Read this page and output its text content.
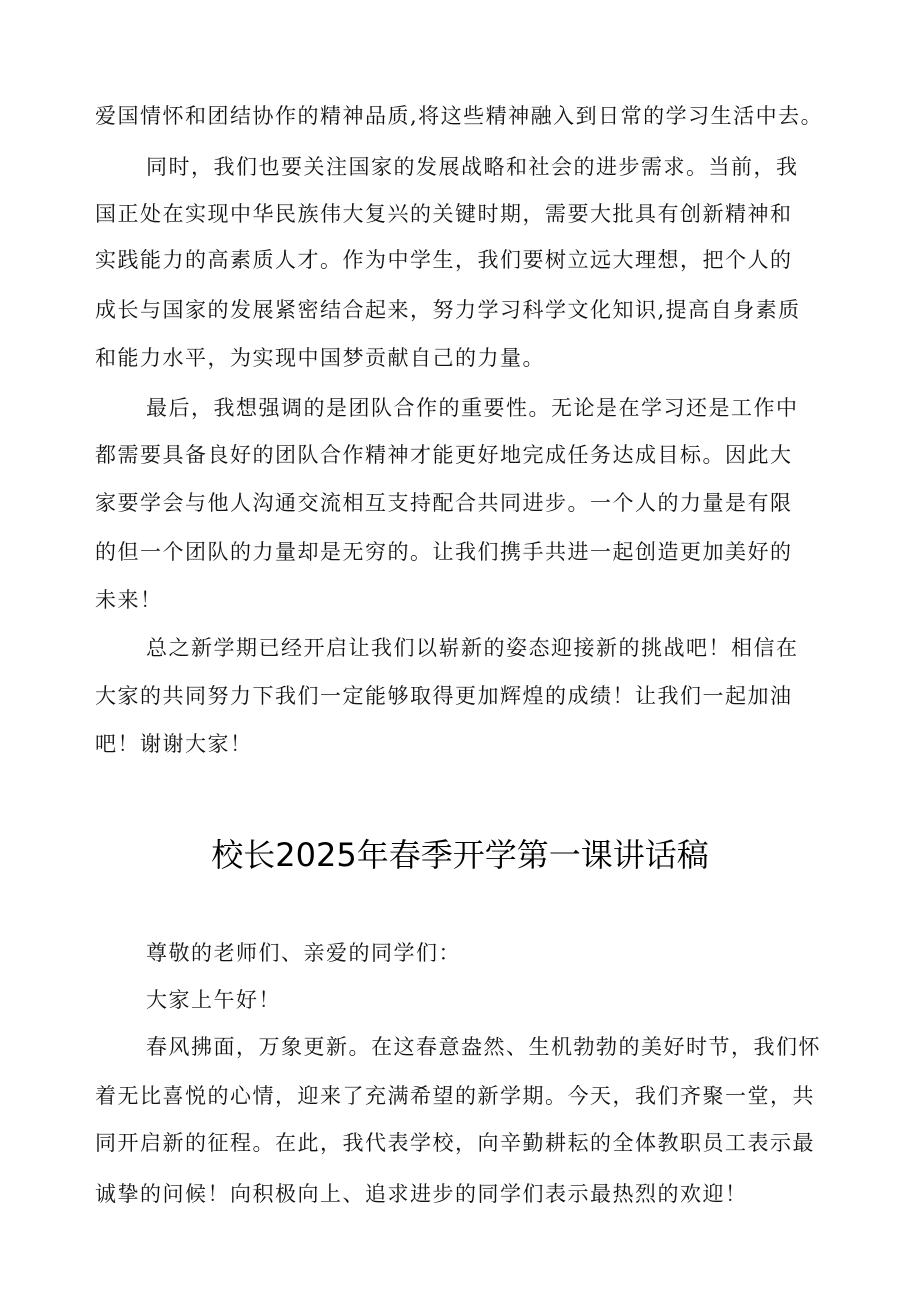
爱国情怀和团结协作的精神品质,将这些精神融入到日常的学习生活中去。
同时，我们也要关注国家的发展战略和社会的进步需求。当前，我
国正处在实现中华民族伟大复兴的关键时期，需要大批具有创新精神和
实践能力的高素质人才。作为中学生，我们要树立远大理想，把个人的
成长与国家的发展紧密结合起来，努力学习科学文化知识,提高自身素质
和能力水平，为实现中国梦贡献自己的力量。
最后，我想强调的是团队合作的重要性。无论是在学习还是工作中
都需要具备良好的团队合作精神才能更好地完成任务达成目标。因此大
家要学会与他人沟通交流相互支持配合共同进步。一个人的力量是有限
的但一个团队的力量却是无穷的。让我们携手共进一起创造更加美好的
未来！
总之新学期已经开启让我们以崭新的姿态迎接新的挑战吧！相信在
大家的共同努力下我们一定能够取得更加辉煌的成绩！让我们一起加油
吧！谢谢大家！
校长2025年春季开学第一课讲话稿
尊敬的老师们、亲爱的同学们：
大家上午好！
春风拂面，万象更新。在这春意盎然、生机勃勃的美好时节，我们怀
着无比喜悦的心情，迎来了充满希望的新学期。今天，我们齐聚一堂，共
同开启新的征程。在此，我代表学校，向辛勤耕耘的全体教职员工表示最
诚挚的问候！向积极向上、追求进步的同学们表示最热烈的欢迎！
